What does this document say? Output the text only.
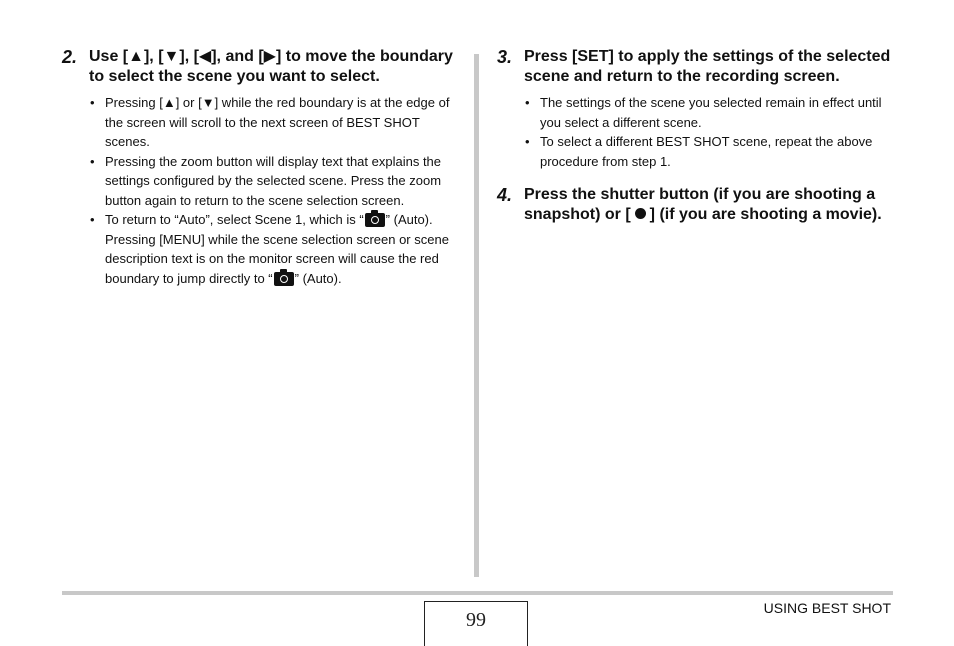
2. Use [▲], [▼], [◀], and [▶] to move the boundary to select the scene you want to select.

• Pressing [▲] or [▼] while the red boundary is at the edge of the screen will scroll to the next screen of BEST SHOT scenes.
• Pressing the zoom button will display text that explains the settings configured by the selected scene. Press the zoom button again to return to the scene selection screen.
• To return to “Auto”, select Scene 1, which is “ ” (Auto). Pressing [MENU] while the scene selection screen or scene description text is on the monitor screen will cause the red boundary to jump directly to “ ” (Auto).
3. Press [SET] to apply the settings of the selected scene and return to the recording screen.

• The settings of the scene you selected remain in effect until you select a different scene.
• To select a different BEST SHOT scene, repeat the above procedure from step 1.
4. Press the shutter button (if you are shooting a snapshot) or [ ] (if you are shooting a movie).

99
USING BEST SHOT
